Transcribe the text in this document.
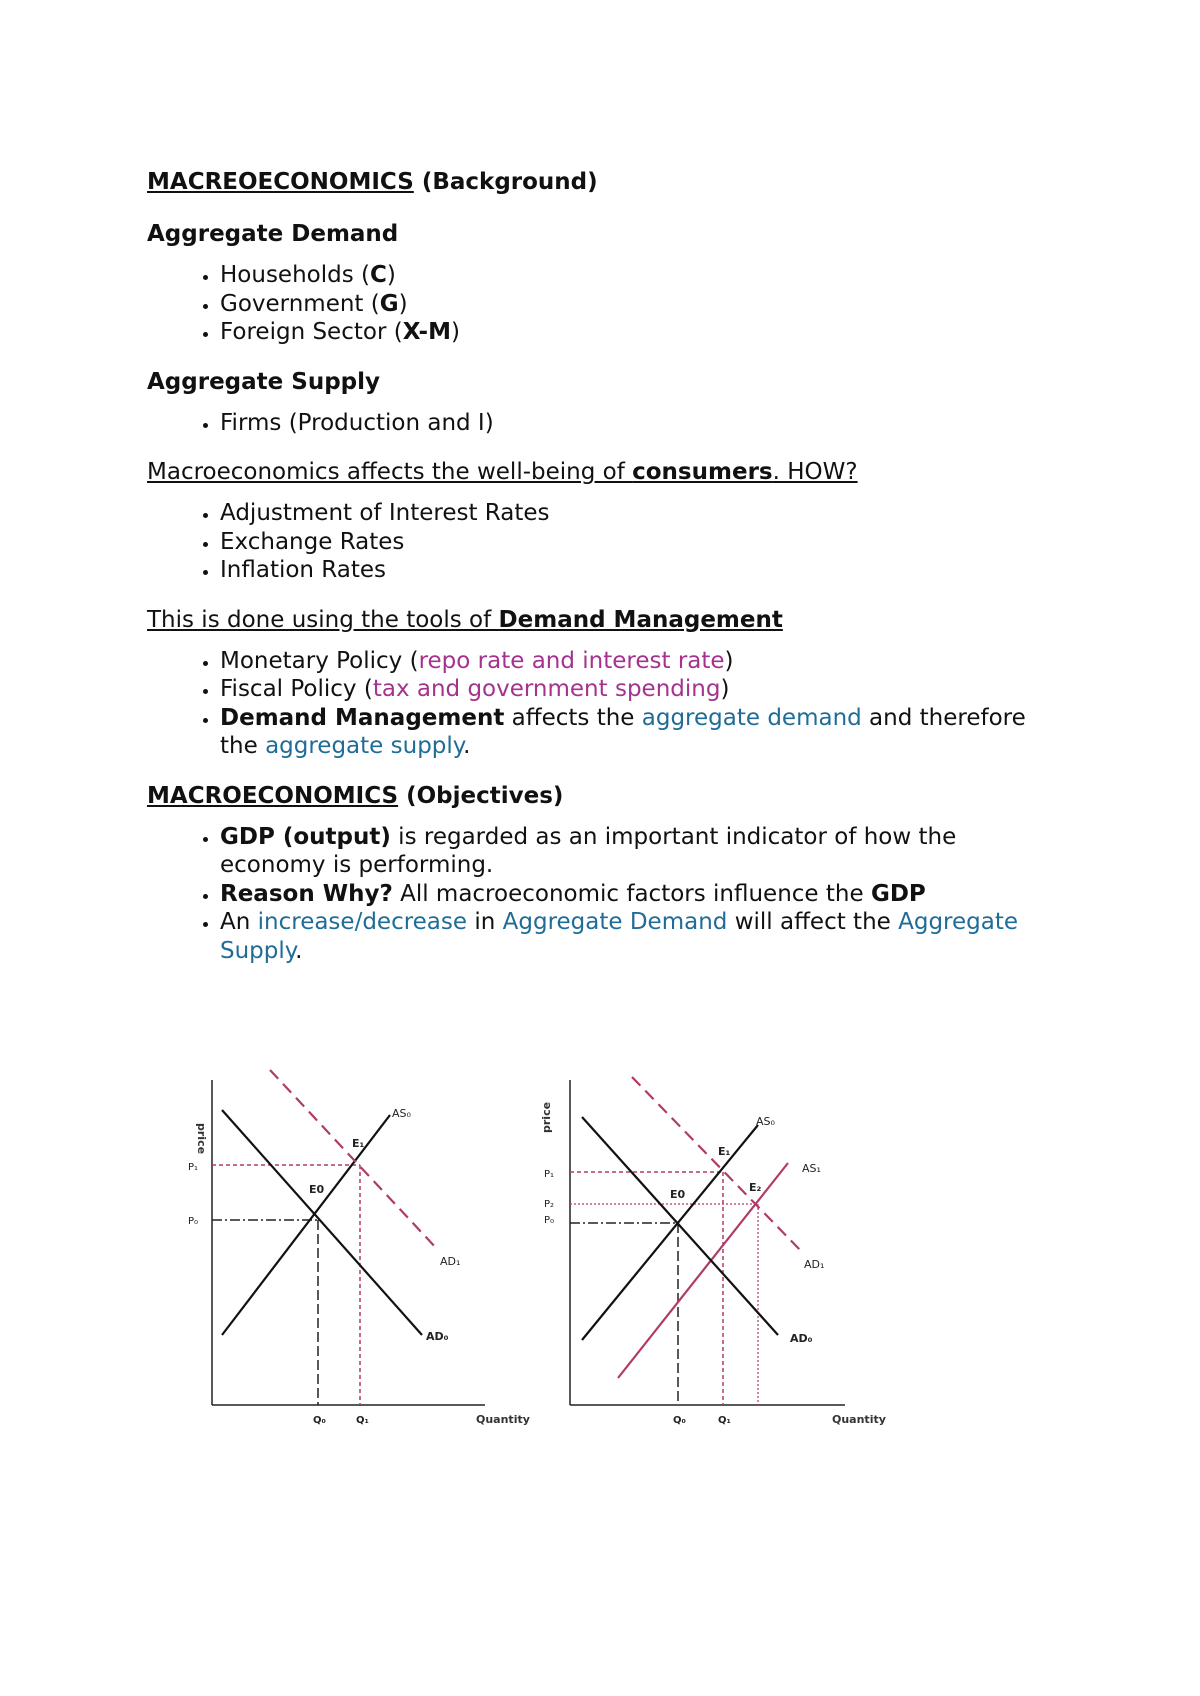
MACREOECONOMICS (Background)

Aggregate Demand

• Households (C)
• Government (G)
• Foreign Sector (X-M)

Aggregate Supply

• Firms (Production and I)

Macroeconomics affects the well-being of consumers. HOW?

• Adjustment of Interest Rates
• Exchange Rates
• Inflation Rates

This is done using the tools of Demand Management

• Monetary Policy (repo rate and interest rate)
• Fiscal Policy (tax and government spending)
• Demand Management affects the aggregate demand and therefore the aggregate supply.

MACROECONOMICS (Objectives)

• GDP (output) is regarded as an important indicator of how the economy is performing.
• Reason Why? All macroeconomic factors influence the GDP
• An increase/decrease in Aggregate Demand will affect the Aggregate Supply.
price
AS₀
AD₀
AD₁
E0
E₁
P₁
P₀
Q₀	Q₁	Quantity
price	AS₀
AS₁
AD₀
AD₁
E0
E₁
E₂
P₁
P₂
P₀
Q₀	Q₁	Quantity
